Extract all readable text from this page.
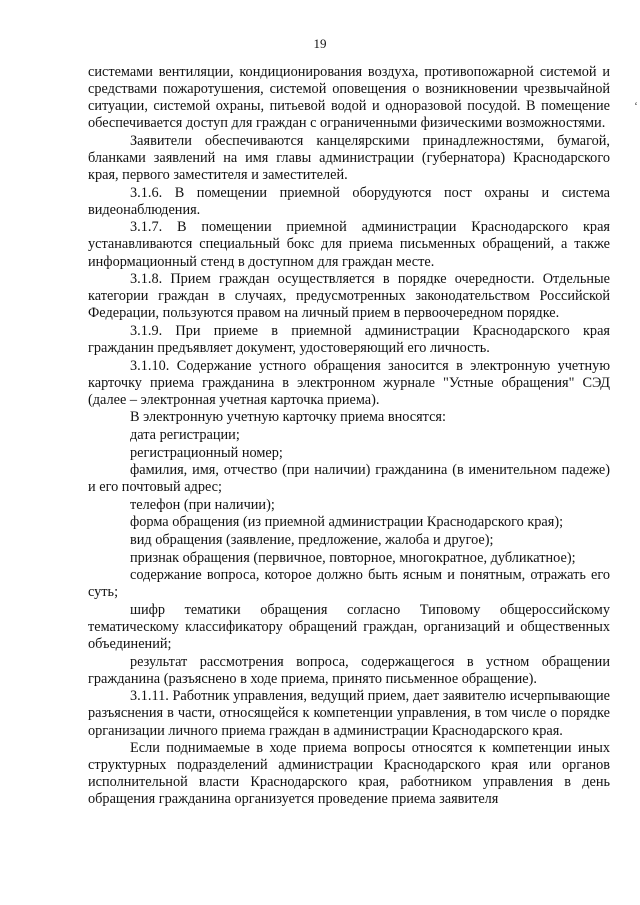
19
‘

системами вентиляции, кондиционирования воздуха, противопожарной системой и средствами пожаротушения, системой оповещения о возникновении чрезвычайной ситуации, системой охраны, питьевой водой и одноразовой посудой. В помещение обеспечивается доступ для граждан с ограниченными физическими возможностями.

Заявители обеспечиваются канцелярскими принадлежностями, бумагой, бланками заявлений на имя главы администрации (губернатора) Краснодарского края, первого заместителя и заместителей.

3.1.6. В помещении приемной оборудуются пост охраны и система видеонаблюдения.

3.1.7. В помещении приемной администрации Краснодарского края устанавливаются специальный бокс для приема письменных обращений, а также информационный стенд в доступном для граждан месте.

3.1.8. Прием граждан осуществляется в порядке очередности. Отдельные категории граждан в случаях, предусмотренных законодательством Российской Федерации, пользуются правом на личный прием в первоочередном порядке.

3.1.9. При приеме в приемной администрации Краснодарского края гражданин предъявляет документ, удостоверяющий его личность.

3.1.10. Содержание устного обращения заносится в электронную учетную карточку приема гражданина в электронном журнале "Устные обращения" СЭД (далее – электронная учетная карточка приема).

В электронную учетную карточку приема вносятся:

дата регистрации;

регистрационный номер;

фамилия, имя, отчество (при наличии) гражданина (в именительном падеже) и его почтовый адрес;

телефон (при наличии);

форма обращения (из приемной администрации Краснодарского края);

вид обращения (заявление, предложение, жалоба и другое);

признак обращения (первичное, повторное, многократное, дубликатное);

содержание вопроса, которое должно быть ясным и понятным, отражать его суть;

шифр тематики обращения согласно Типовому общероссийскому тематическому классификатору обращений граждан, организаций и общественных объединений;

результат рассмотрения вопроса, содержащегося в устном обращении гражданина (разъяснено в ходе приема, принято письменное обращение).

3.1.11. Работник управления, ведущий прием, дает заявителю исчерпывающие разъяснения в части, относящейся к компетенции управления, в том числе о порядке организации личного приема граждан в администрации Краснодарского края.

Если поднимаемые в ходе приема вопросы относятся к компетенции иных структурных подразделений администрации Краснодарского края или органов исполнительной власти Краснодарского края, работником управления в день обращения гражданина организуется проведение приема заявителя
